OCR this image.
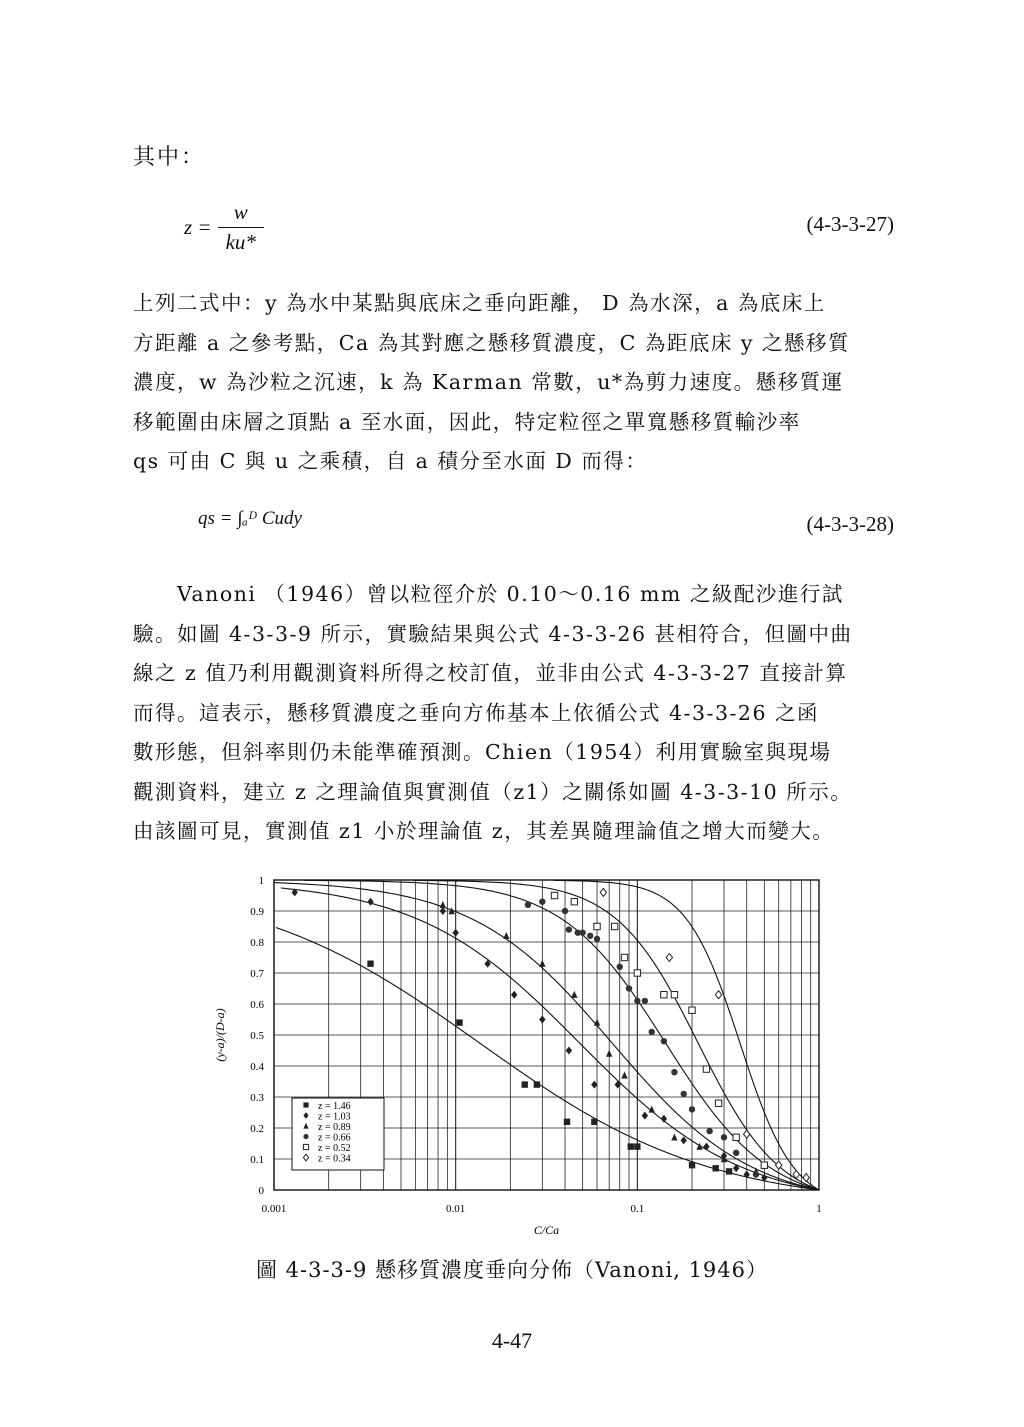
其中：
$z = \frac{w}{ku*}$	(4-3-3-27)

上列二式中：y 為水中某點與底床之垂向距離， D 為水深，a 為底床上

方距離 a 之參考點，Ca 為其對應之懸移質濃度，C 為距底床 y 之懸移質

濃度，w 為沙粒之沉速，k 為 Karman 常數，u*為剪力速度。懸移質運

移範圍由床層之頂點 a 至水面，因此，特定粒徑之單寬懸移質輸沙率

qs 可由 C 與 u 之乘積，自 a 積分至水面 D 而得：

qs = ∫ₐᴰ Cudy	(4-3-3-28)

　　Vanoni （1946）曾以粒徑介於 0.10～0.16 mm 之級配沙進行試

驗。如圖 4-3-3-9 所示，實驗結果與公式 4-3-3-26 甚相符合，但圖中曲

線之 z 值乃利用觀測資料所得之校訂值，並非由公式 4-3-3-27 直接計算

而得。這表示，懸移質濃度之垂向方佈基本上依循公式 4-3-3-26 之函

數形態，但斜率則仍未能準確預測。Chien（1954）利用實驗室與現場

觀測資料，建立 z 之理論值與實測值（z1）之關係如圖 4-3-3-10 所示。

由該圖可見，實測值 z1 小於理論值 z，其差異隨理論值之增大而變大。

0
0.1
0.2
0.3
0.4
0.5
0.6
0.7
0.8
0.9
1
0.001	0.01	0.1	1
C/Ca
(y-a)/(D-a)
z = 1.46
z = 1.03
z = 0.89
z = 0.66
z = 0.52
z = 0.34
圖 4-3-3-9 懸移質濃度垂向分佈（Vanoni, 1946）
4-47
